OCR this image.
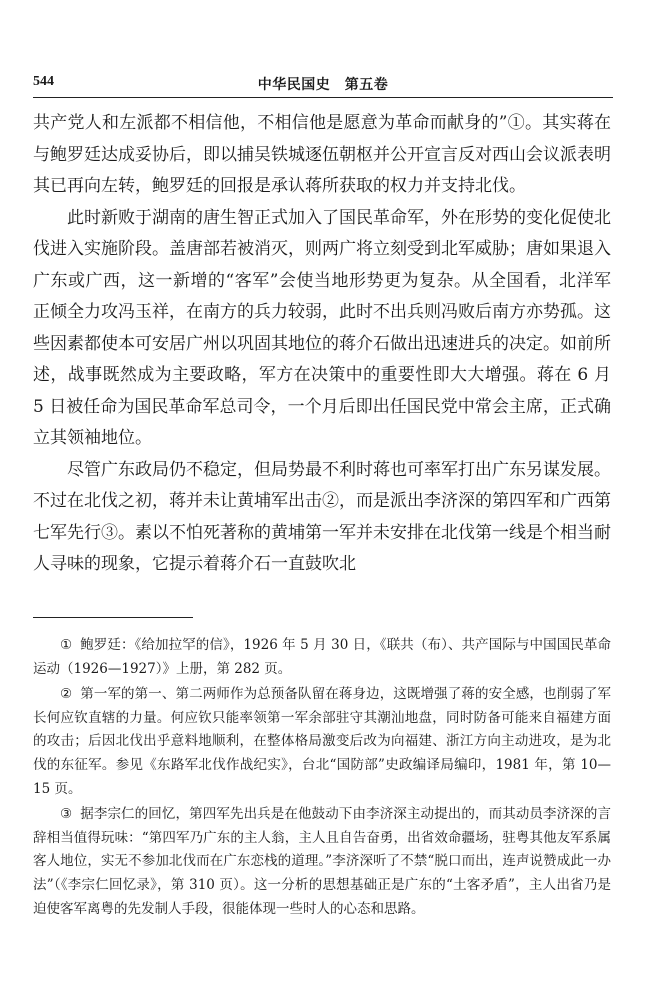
544	中华民国史　第五卷

共产党人和左派都不相信他，不相信他是愿意为革命而献身的”①。其实蒋在与鲍罗廷达成妥协后，即以捕吴铁城逐伍朝枢并公开宣言反对西山会议派表明其已再向左转，鲍罗廷的回报是承认蒋所获取的权力并支持北伐。

此时新败于湖南的唐生智正式加入了国民革命军，外在形势的变化促使北伐进入实施阶段。盖唐部若被消灭，则两广将立刻受到北军威胁；唐如果退入广东或广西，这一新增的“客军”会使当地形势更为复杂。从全国看，北洋军正倾全力攻冯玉祥，在南方的兵力较弱，此时不出兵则冯败后南方亦势孤。这些因素都使本可安居广州以巩固其地位的蒋介石做出迅速进兵的决定。如前所述，战事既然成为主要政略，军方在决策中的重要性即大大增强。蒋在 6 月 5 日被任命为国民革命军总司令，一个月后即出任国民党中常会主席，正式确立其领袖地位。

尽管广东政局仍不稳定，但局势最不利时蒋也可率军打出广东另谋发展。不过在北伐之初，蒋并未让黄埔军出击②，而是派出李济深的第四军和广西第七军先行③。素以不怕死著称的黄埔第一军并未安排在北伐第一线是个相当耐人寻味的现象，它提示着蒋介石一直鼓吹北

① 鲍罗廷：《给加拉罕的信》，1926 年 5 月 30 日，《联共（布）、共产国际与中国国民革命运动（1926—1927）》上册，第 282 页。

② 第一军的第一、第二两师作为总预备队留在蒋身边，这既增强了蒋的安全感，也削弱了军长何应钦直辖的力量。何应钦只能率领第一军余部驻守其潮汕地盘，同时防备可能来自福建方面的攻击；后因北伐出乎意料地顺利，在整体格局激变后改为向福建、浙江方向主动进攻，是为北伐的东征军。参见《东路军北伐作战纪实》，台北“国防部”史政编译局编印，1981 年，第 10—15 页。

③ 据李宗仁的回忆，第四军先出兵是在他鼓动下由李济深主动提出的，而其动员李济深的言辞相当值得玩味：“第四军乃广东的主人翁，主人且自告奋勇，出省效命疆场，驻粤其他友军系属客人地位，实无不参加北伐而在广东恋栈的道理。”李济深听了不禁“脱口而出，连声说赞成此一办法”（《李宗仁回忆录》，第 310 页）。这一分析的思想基础正是广东的“土客矛盾”，主人出省乃是迫使客军离粤的先发制人手段，很能体现一些时人的心态和思路。
